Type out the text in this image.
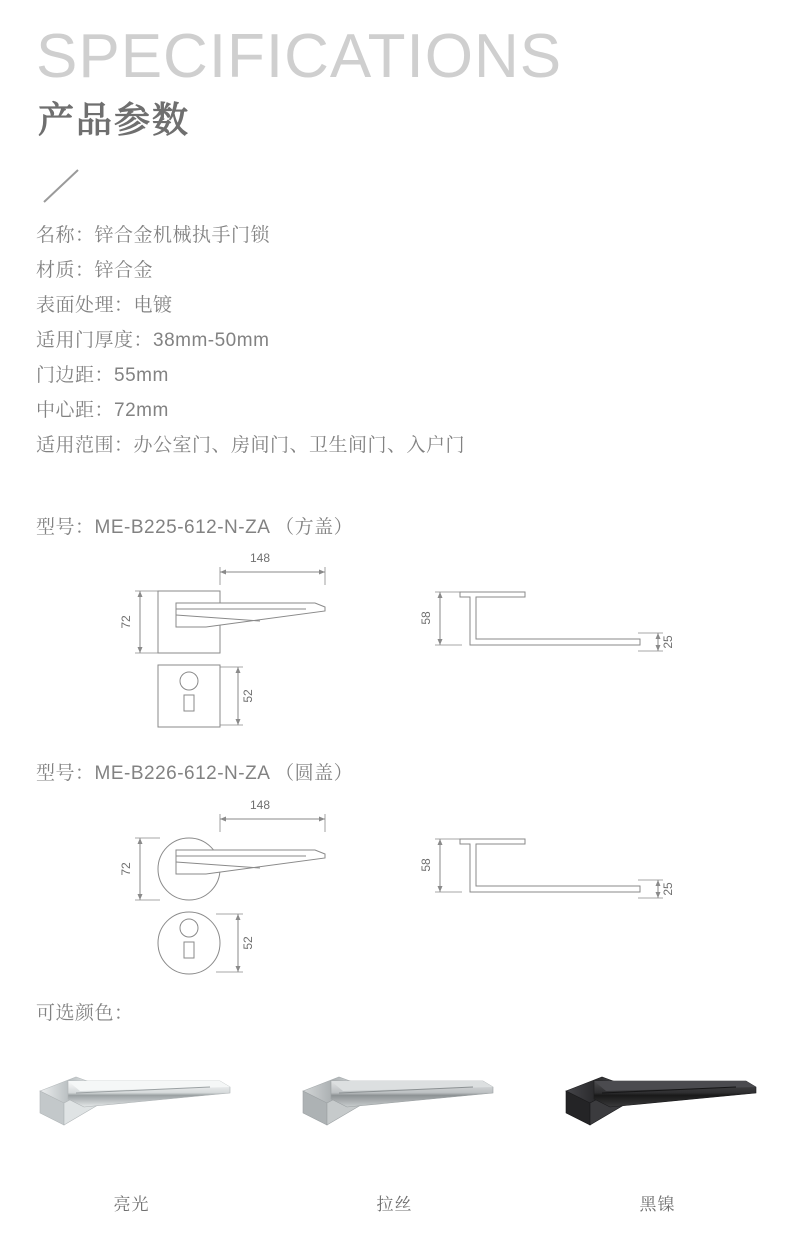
SPECIFICATIONS
产品参数
名称：锌合金机械执手门锁
材质：锌合金
表面处理：电镀
适用门厚度：38mm-50mm
门边距：55mm
中心距：72mm
适用范围：办公室门、房间门、卫生间门、入户门
型号：ME-B225-612-N-ZA （方盖）
148
72
52
58
25
型号：ME-B226-612-N-ZA （圆盖）
148
72
52
58
25
可选颜色：
亮光	拉丝	黑镍
